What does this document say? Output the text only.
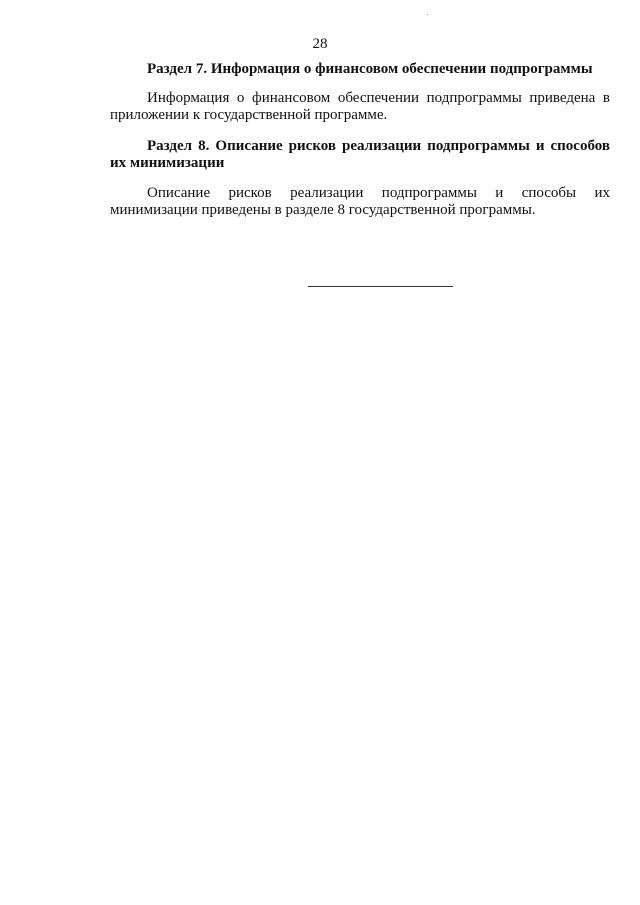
28

Раздел 7. Информация о финансовом обеспечении подпрограммы

Информация о финансовом обеспечении подпрограммы приведена в приложении к государственной программе.

Раздел 8. Описание рисков реализации подпрограммы и способов их минимизации

Описание рисков реализации подпрограммы и способы их минимизации приведены в разделе 8 государственной программы.
